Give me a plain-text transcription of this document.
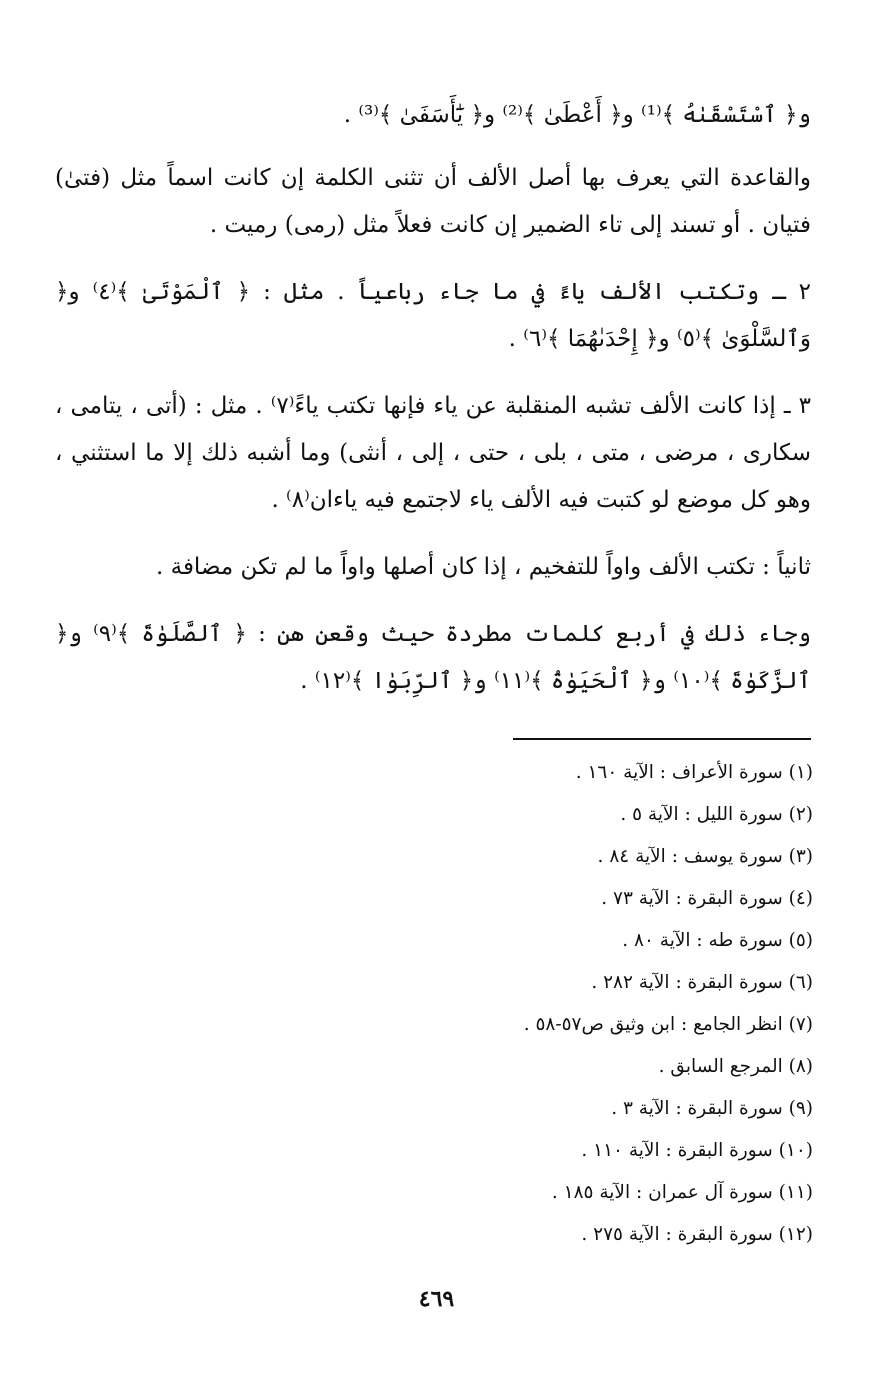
و﴿ ٱسْتَسْقَىٰهُ ﴾⁽¹⁾ و﴿ أَعْطَىٰ ﴾⁽²⁾ و﴿ يَٰٓأَسَفَىٰ ﴾⁽³⁾ .

والقاعدة التي يعرف بها أصل الألف أن تثنى الكلمة إن كانت اسماً مثل (فتىٰ) فتيان . أو تسند إلى تاء الضمير إن كانت فعلاً مثل (رمى) رميت .

٢ ـ وتكتب الألف ياءً في ما جاء رباعياً . مثل : ﴿ ٱلْمَوْتَىٰ ﴾⁽٤⁾ و﴿ وَٱلسَّلْوَىٰ ﴾⁽٥⁾ و﴿ إِحْدَىٰهُمَا ﴾⁽٦⁾ .

٣ ـ إذا كانت الألف تشبه المنقلبة عن ياء فإنها تكتب ياءً⁽٧⁾ . مثل : (أتى ، يتامى ، سكارى ، مرضى ، متى ، بلى ، حتى ، إلى ، أنثى) وما أشبه ذلك إلا ما استثني ، وهو كل موضع لو كتبت فيه الألف ياء لاجتمع فيه ياءان⁽٨⁾ .

ثانياً : تكتب الألف واواً للتفخيم ، إذا كان أصلها واواً ما لم تكن مضافة .

وجاء ذلك في أربع كلمات مطردة حيث وقعن هن : ﴿ ٱلصَّلَوٰةَ ﴾⁽٩⁾ و﴿ ٱلزَّكَوٰةَ ﴾⁽١٠⁾ و﴿ ٱلْحَيَوٰةُ ﴾⁽١١⁾ و﴿ ٱلرِّبَوٰا ﴾⁽١٢⁾ .

(١) سورة الأعراف : الآية ١٦٠ .
(٢) سورة الليل : الآية ٥ .
(٣) سورة يوسف : الآية ٨٤ .
(٤) سورة البقرة : الآية ٧٣ .
(٥) سورة طه : الآية ٨٠ .
(٦) سورة البقرة : الآية ٢٨٢ .
(٧) انظر الجامع : ابن وثيق ص٥٧-٥٨ .
(٨) المرجع السابق .
(٩) سورة البقرة : الآية ٣ .
(١٠) سورة البقرة : الآية ١١٠ .
(١١) سورة آل عمران : الآية ١٨٥ .
(١٢) سورة البقرة : الآية ٢٧٥ .
٤٦٩
